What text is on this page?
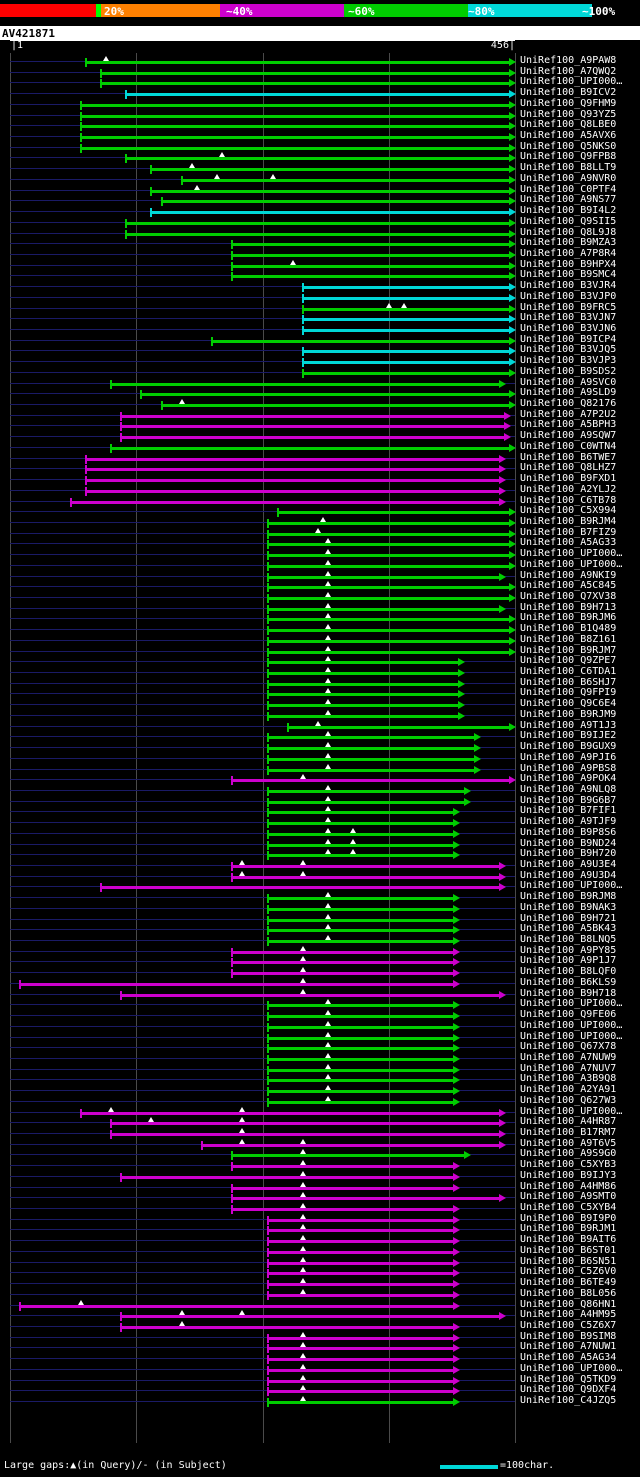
20%	~40%	~60%	~80%	~100%
AV421871
|1	456|
UniRef100_A9PAW8
UniRef100_A7QWQ2
UniRef100_UPI000…
UniRef100_B9ICV2
UniRef100_Q9FHM9
UniRef100_Q93YZ5
UniRef100_Q8LBE0
UniRef100_A5AVX6
UniRef100_Q5NKS0
UniRef100_Q9FPB8
UniRef100_B8LLT9
UniRef100_A9NVR0
UniRef100_C0PTF4
UniRef100_A9NS77
UniRef100_B9I4L2
UniRef100_Q9SII5
UniRef100_Q8L9J8
UniRef100_B9MZA3
UniRef100_A7P8R4
UniRef100_B9HPX4
UniRef100_B9SMC4
UniRef100_B3VJR4
UniRef100_B3VJP0
UniRef100_B9FRC5
UniRef100_B3VJN7
UniRef100_B3VJN6
UniRef100_B9ICP4
UniRef100_B3VJQ5
UniRef100_B3VJP3
UniRef100_B9SDS2
UniRef100_A9SVC0
UniRef100_A9SLD9
UniRef100_Q82176
UniRef100_A7P2U2
UniRef100_A5BPH3
UniRef100_A9SQW7
UniRef100_C0WTN4
UniRef100_B6TWE7
UniRef100_Q8LHZ7
UniRef100_B9FXD1
UniRef100_A2YLJ2
UniRef100_C6TB78
UniRef100_C5X994
UniRef100_B9RJM4
UniRef100_B7FIZ9
UniRef100_A5AG33
UniRef100_UPI000…
UniRef100_UPI000…
UniRef100_A9NKI9
UniRef100_A5C845
UniRef100_Q7XV38
UniRef100_B9H713
UniRef100_B9RJM6
UniRef100_B1Q489
UniRef100_B8Z161
UniRef100_B9RJM7
UniRef100_Q9ZPE7
UniRef100_C6TDA1
UniRef100_B6SHJ7
UniRef100_Q9FPI9
UniRef100_Q9C6E4
UniRef100_B9RJM9
UniRef100_A9T1J3
UniRef100_B9IJE2
UniRef100_B9GUX9
UniRef100_A9PJI6
UniRef100_A9PBS8
UniRef100_A9POK4
UniRef100_A9NLQ8
UniRef100_B9G6B7
UniRef100_B7FIF1
UniRef100_A9TJF9
UniRef100_B9P8S6
UniRef100_B9ND24
UniRef100_B9H720
UniRef100_A9U3E4
UniRef100_A9U3D4
UniRef100_UPI000…
UniRef100_B9RJM8
UniRef100_B9NAK3
UniRef100_B9H721
UniRef100_A5BK43
UniRef100_B8LNQ5
UniRef100_A9PY85
UniRef100_A9P1J7
UniRef100_B8LQF0
UniRef100_B6KLS9
UniRef100_B9H718
UniRef100_UPI000…
UniRef100_Q9FE06
UniRef100_UPI000…
UniRef100_UPI000…
UniRef100_Q67X78
UniRef100_A7NUW9
UniRef100_A7NUV7
UniRef100_A3B9Q8
UniRef100_A2YA91
UniRef100_Q627W3
UniRef100_UPI000…
UniRef100_A4HR87
UniRef100_B17RM7
UniRef100_A9T6V5
UniRef100_A9S9G0
UniRef100_C5XYB3
UniRef100_B9IJY3
UniRef100_A4HM86
UniRef100_A9SMT0
UniRef100_C5XYB4
UniRef100_B9I9P0
UniRef100_B9RJM1
UniRef100_B9AIT6
UniRef100_B6ST01
UniRef100_B6SN51
UniRef100_C5Z6V0
UniRef100_B6TE49
UniRef100_B8L056
UniRef100_Q86HN1
UniRef100_A4HM95
UniRef100_C5Z6X7
UniRef100_B9SIM8
UniRef100_A7NUW1
UniRef100_A5AG34
UniRef100_UPI000…
UniRef100_Q5TKD9
UniRef100_Q9DXF4
UniRef100_C4JZQ5
Large gaps:▲(in Query)/- (in Subject)	=100char.
